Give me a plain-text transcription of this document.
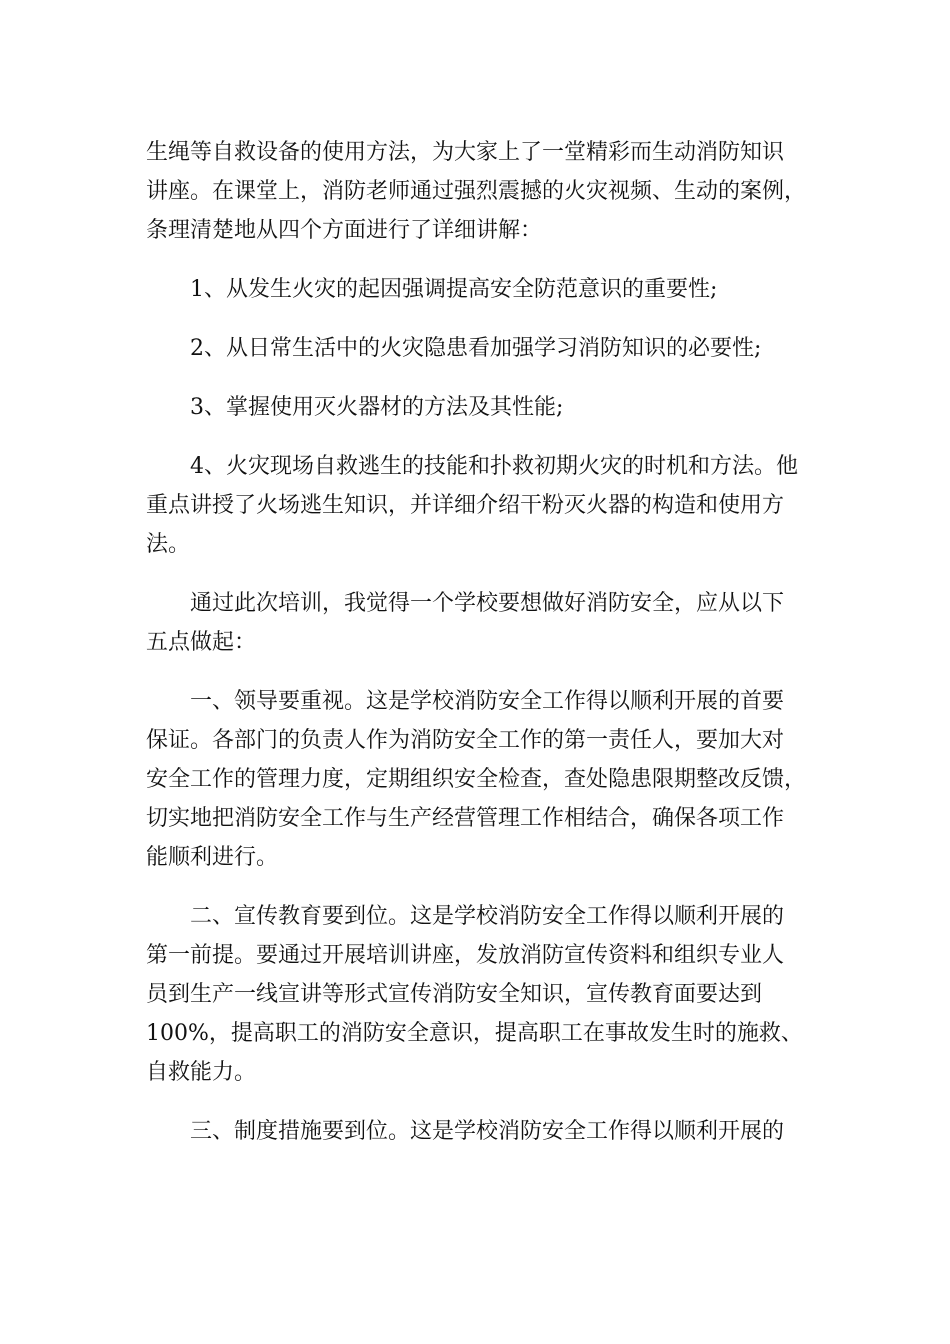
生绳等自救设备的使用方法，为大家上了一堂精彩而生动消防知识
讲座。在课堂上，消防老师通过强烈震撼的火灾视频、生动的案例，
条理清楚地从四个方面进行了详细讲解：
1、从发生火灾的起因强调提高安全防范意识的重要性;
2、从日常生活中的火灾隐患看加强学习消防知识的必要性;
3、掌握使用灭火器材的方法及其性能;
4、火灾现场自救逃生的技能和扑救初期火灾的时机和方法。他
重点讲授了火场逃生知识，并详细介绍干粉灭火器的构造和使用方
法。
通过此次培训，我觉得一个学校要想做好消防安全，应从以下
五点做起：
一、领导要重视。这是学校消防安全工作得以顺利开展的首要
保证。各部门的负责人作为消防安全工作的第一责任人，要加大对
安全工作的管理力度，定期组织安全检查，查处隐患限期整改反馈，
切实地把消防安全工作与生产经营管理工作相结合，确保各项工作
能顺利进行。
二、宣传教育要到位。这是学校消防安全工作得以顺利开展的
第一前提。要通过开展培训讲座，发放消防宣传资料和组织专业人
员到生产一线宣讲等形式宣传消防安全知识，宣传教育面要达到
100%，提高职工的消防安全意识，提高职工在事故发生时的施救、
自救能力。
三、制度措施要到位。这是学校消防安全工作得以顺利开展的
